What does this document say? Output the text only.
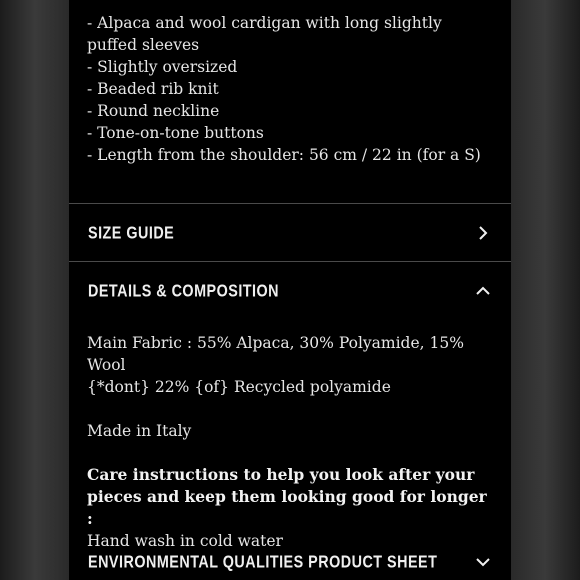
- Alpaca and wool cardigan with long slightly puffed sleeves
- Slightly oversized
- Beaded rib knit
- Round neckline
- Tone-on-tone buttons
- Length from the shoulder: 56 cm / 22 in (for a S)
SIZE GUIDE
DETAILS & COMPOSITION
Main Fabric : 55% Alpaca, 30% Polyamide, 15% Wool
{*dont} 22% {of} Recycled polyamide
Made in Italy
Care instructions to help you look after your pieces and keep them looking good for longer :
Hand wash in cold water
ENVIRONMENTAL QUALITIES PRODUCT SHEET
